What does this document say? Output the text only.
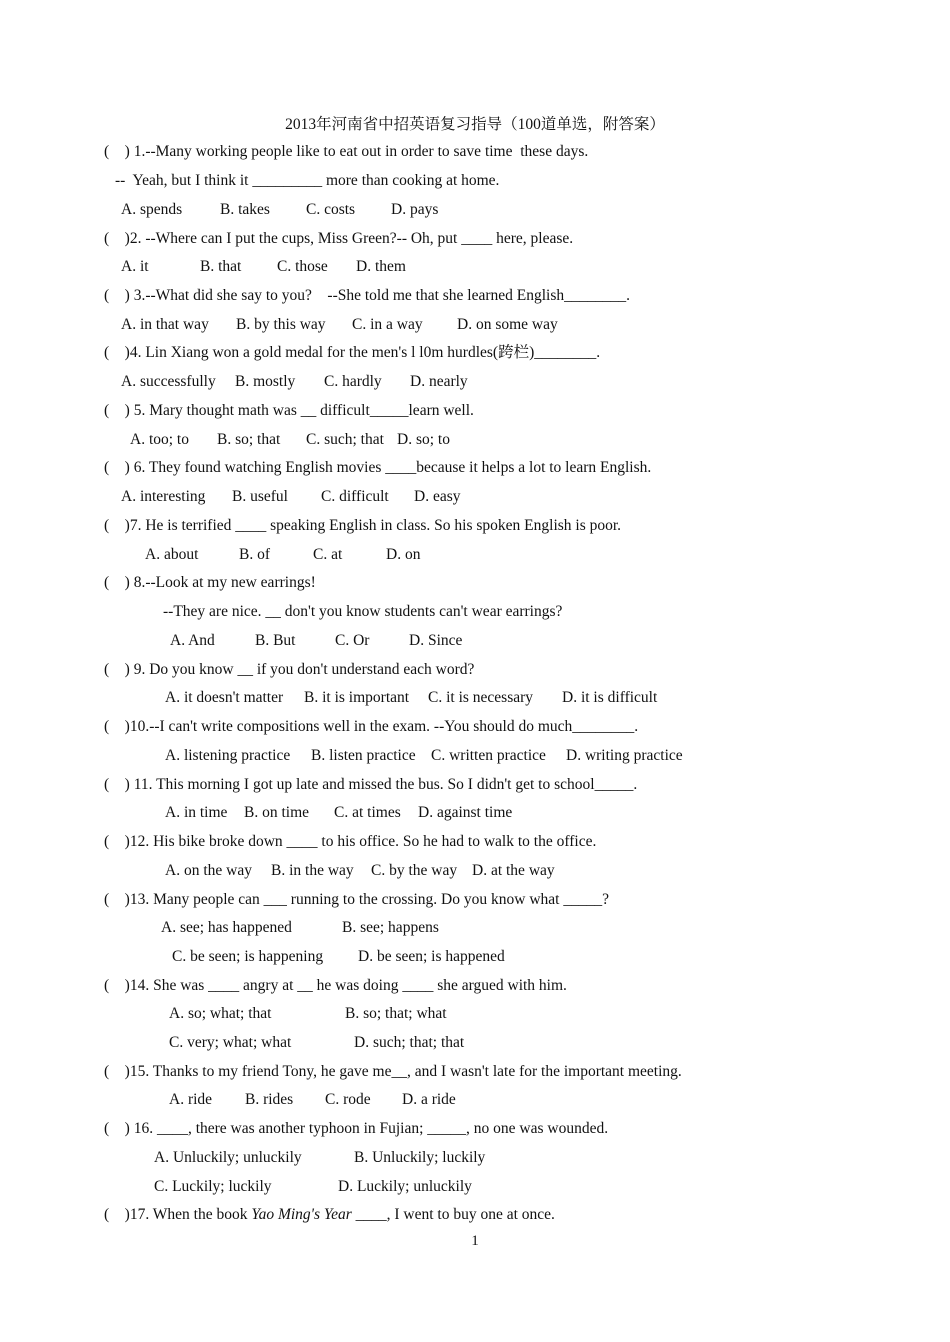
2013年河南省中招英语复习指导（100道单选，附答案）
(    ) 1.--Many working people like to eat out in order to save time  these days.
--  Yeah, but I think it _________ more than cooking at home.
A. spends B. takes C. costs D. pays
(    )2. --Where can I put the cups, Miss Green?-- Oh, put ____ here, please.
A. it	B. that C. those D. them
(    ) 3.--What did she say to you?    --She told me that she learned English________.
A. in that way B. by this way C. in a way D. on some way
(    )4. Lin Xiang won a gold medal for the men's l l0m hurdles(跨栏)________.
A. successfully B. mostly C. hardly D. nearly
(    ) 5. Mary thought math was __ difficult_____learn well.
A. too; to B. so; that C. such; that D. so; to
(    ) 6. They found watching English movies ____because it helps a lot to learn English.
A. interesting B. useful C. difficult D. easy
(    )7. He is terrified ____ speaking English in class. So his spoken English is poor.
A. about	B. of	C. at	D. on
(    ) 8.--Look at my new earrings!
--They are nice. __ don't you know students can't wear earrings?
A. And	B. But	C. Or	D. Since
(    ) 9. Do you know __ if you don't understand each word?
A. it doesn't matter B. it is important C. it is necessary D. it is difficult
(    )10.--I can't write compositions well in the exam. --You should do much________.
A. listening practice B. listen practice C. written practice D. writing practice
(    ) 11. This morning I got up late and missed the bus. So I didn't get to school_____.
A. in time B. on time C. at times D. against time
(    )12. His bike broke down ____ to his office. So he had to walk to the office.
A. on the way B. in the way C. by the way D. at the way
(    )13. Many people can ___ running to the crossing. Do you know what _____?
A. see; has happened	B. see; happens
C. be seen; is happening D. be seen; is happened
(    )14. She was ____ angry at __ he was doing ____ she argued with him.
A. so; what; that	B. so; that; what
C. very; what; what	D. such; that; that
(    )15. Thanks to my friend Tony, he gave me__, and I wasn't late for the important meeting.
A. ride B. rides C. rode D. a ride
(    ) 16. ____, there was another typhoon in Fujian; _____, no one was wounded.
A. Unluckily; unluckily	B. Unluckily; luckily
C. Luckily; luckily	D. Luckily; unluckily
(    )17. When the book Yao Ming's Year ____, I went to buy one at once.
1
